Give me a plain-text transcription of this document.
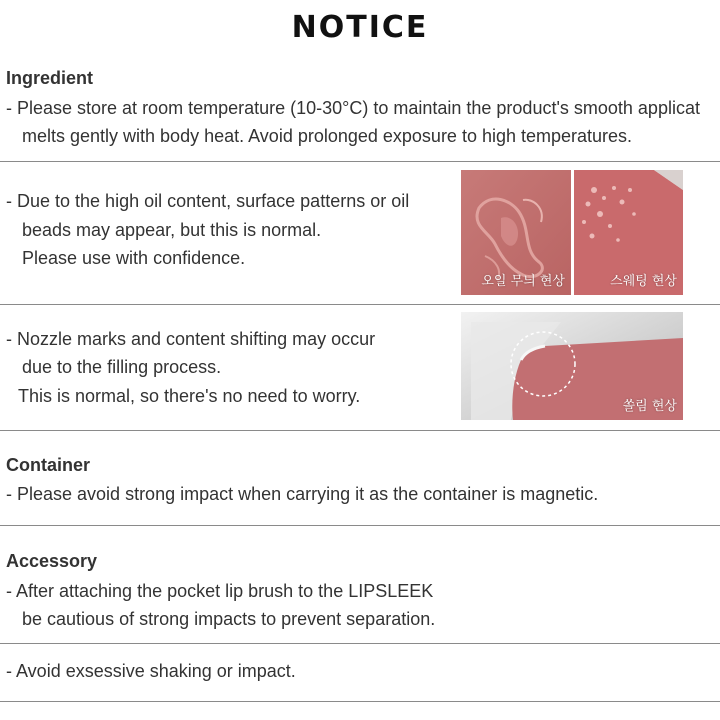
NOTICE
Ingredient
- Please store at room temperature (10-30°C) to maintain the product's smooth applicat
melts gently with body heat. Avoid prolonged exposure to high temperatures.
- Due to the high oil content, surface patterns or oil
beads may appear, but this is normal.
Please use with confidence.
오일 무늬 현상	스웨팅 현상
- Nozzle marks and content shifting may occur
due to the filling process.
This is normal, so there's no need to worry.
쏠림 현상
Container
- Please avoid strong impact when carrying it as the container is magnetic.
Accessory
- After attaching the pocket lip brush to the LIPSLEEK
be cautious of strong impacts to prevent separation.
- Avoid exsessive shaking or impact.
